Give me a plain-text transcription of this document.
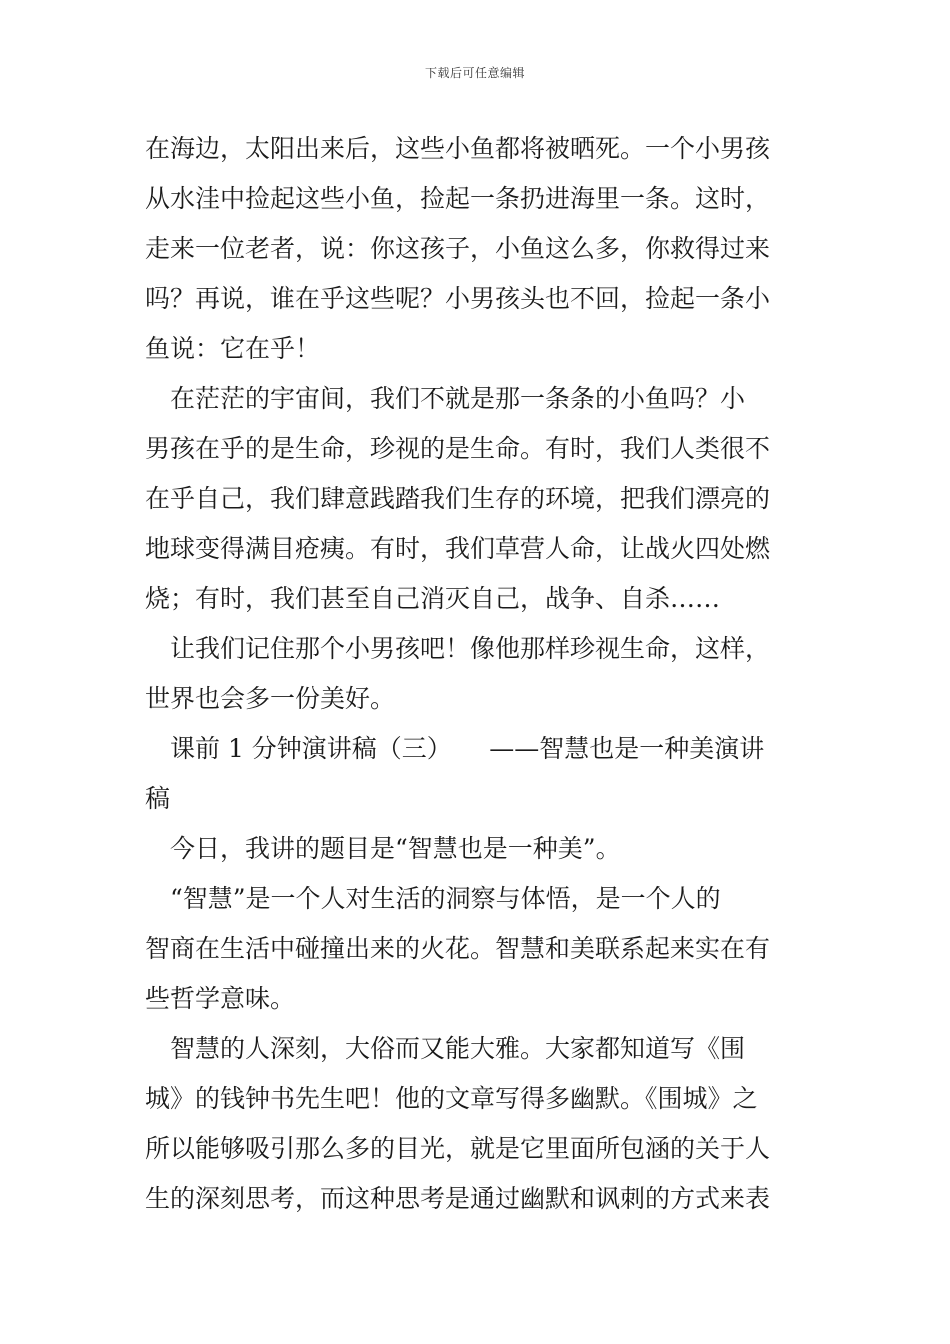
下载后可任意编辑
在海边，太阳出来后，这些小鱼都将被晒死。一个小男孩
从水洼中捡起这些小鱼，捡起一条扔进海里一条。这时，
走来一位老者，说：你这孩子，小鱼这么多，你救得过来
吗？再说，谁在乎这些呢？小男孩头也不回，捡起一条小
鱼说：它在乎！
　在茫茫的宇宙间，我们不就是那一条条的小鱼吗？小
男孩在乎的是生命，珍视的是生命。有时，我们人类很不
在乎自己，我们肆意践踏我们生存的环境，把我们漂亮的
地球变得满目疮痍。有时，我们草营人命，让战火四处燃
烧；有时，我们甚至自己消灭自己，战争、自杀……
　让我们记住那个小男孩吧！像他那样珍视生命，这样，
世界也会多一份美好。
　课前 1 分钟演讲稿（三）　　——智慧也是一种美演讲
稿
　今日，我讲的题目是“智慧也是一种美”。
　“智慧”是一个人对生活的洞察与体悟，是一个人的
智商在生活中碰撞出来的火花。智慧和美联系起来实在有
些哲学意味。
　智慧的人深刻，大俗而又能大雅。大家都知道写《围
城》的钱钟书先生吧！他的文章写得多幽默。《围城》之
所以能够吸引那么多的目光，就是它里面所包涵的关于人
生的深刻思考，而这种思考是通过幽默和讽刺的方式来表
